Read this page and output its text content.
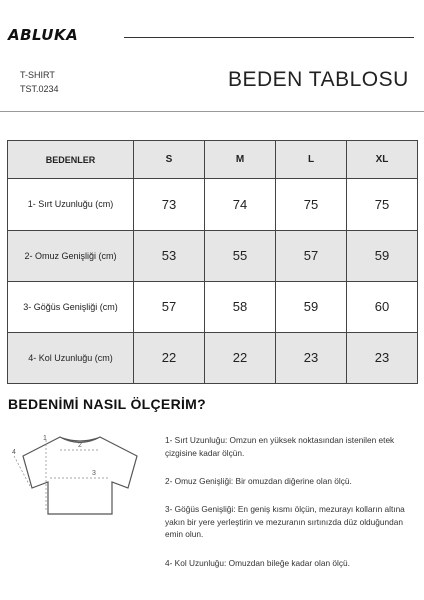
ABLUKA
T-SHIRT
TST.0234	BEDEN TABLOSU
BEDENLER	S	M	L	XL
1- Sırt Uzunluğu (cm)	73	74	75	75
2- Omuz Genişliği (cm)	53	55	57	59
3- Göğüs Genişliği (cm)	57	58	59	60
4- Kol Uzunluğu (cm)	22	22	23	23
BEDENİMİ NASIL ÖLÇERİM?
1
2
3
4
1- Sırt Uzunluğu: Omzun en yüksek noktasından istenilen etek çizgisine kadar ölçün.
2- Omuz Genişliği: Bir omuzdan diğerine olan ölçü.
3- Göğüs Genişliği: En geniş kısmı ölçün, mezurayı kolların altına yakın bir yere yerleştirin ve mezuranın sırtınızda düz olduğundan emin olun.
4- Kol Uzunluğu: Omuzdan bileğe kadar olan ölçü.
